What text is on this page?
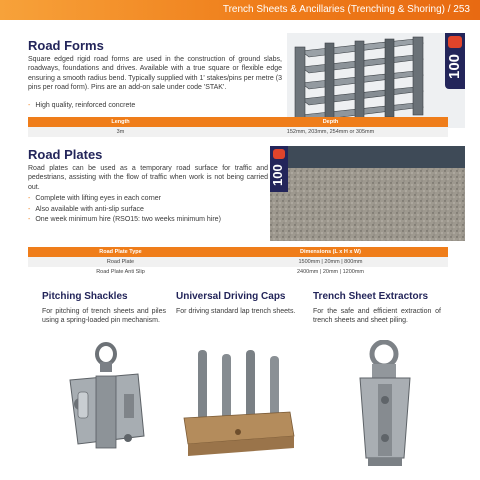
Trench Sheets & Ancillaries (Trenching & Shoring) / 253
Road Forms

Square edged rigid road forms are used in the construction of ground slabs, roadways, foundations and drives. Available with a true square or flexible edge ensuring a smooth radius bend. Typically supplied with 1' stakes/pins per metre (3 pins per road form). Pins are an add-on sale under code 'STAK'.

- High quality, reinforced concrete
100
Length	Depth
3m	152mm, 203mm, 254mm or 305mm
Road Plates

Road plates can be used as a temporary road surface for traffic and pedestrians, assisting with the flow of traffic when work is not being carried out.

- Complete with lifting eyes in each corner
- Also available with anti-slip surface
- One week minimum hire (RSO15: two weeks minimum hire)
100
Road Plate Type	Dimensions (L x H x W)
Road Plate	1500mm | 20mm | 800mm
Road Plate Anti Slip	2400mm | 20mm | 1200mm
Pitching Shackles

For pitching of trench sheets and piles using a spring-loaded pin mechanism.

Universal Driving Caps

For driving standard lap trench sheets.

Trench Sheet Extractors

For the safe and efficient extraction of trench sheets and sheet piling.
